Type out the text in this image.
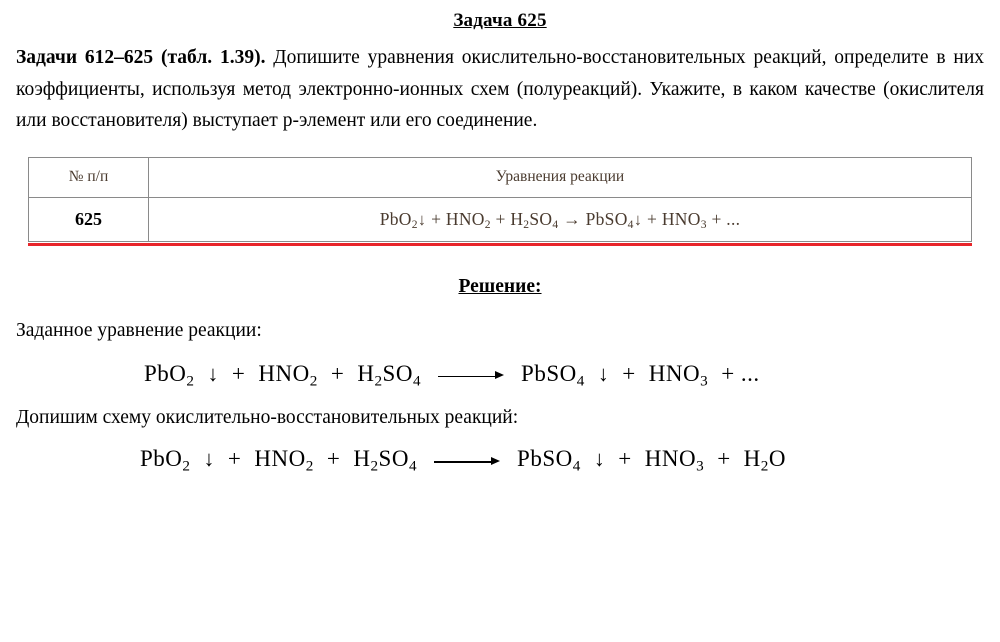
Задача 625

Задачи 612–625 (табл. 1.39). Допишите уравнения окислительно-восстановительных реакций, определите в них коэффициенты, используя метод электронно-ионных схем (полуреакций). Укажите, в каком качестве (окислителя или восстановителя) выступает p-элемент или его соединение.

№ п/п	Уравнения реакции
625	PbO$_2$↓ + $HNO_2 + H_2SO_4$ → PbSO$_4$↓ + $HNO_3$ + ...
Решение:
Заданное уравнение реакции:
PbO$_2$ ↓ + $HNO_2 + H_2SO_4$	PbSO$_4$ ↓ + $HNO_3$ + ...
Допишим схему окислительно-восстановительных реакций:
PbO$_2$ ↓ + $HNO_2 + H_2SO_4$	PbSO$_4$ ↓ + $HNO_3 + H_2O$
